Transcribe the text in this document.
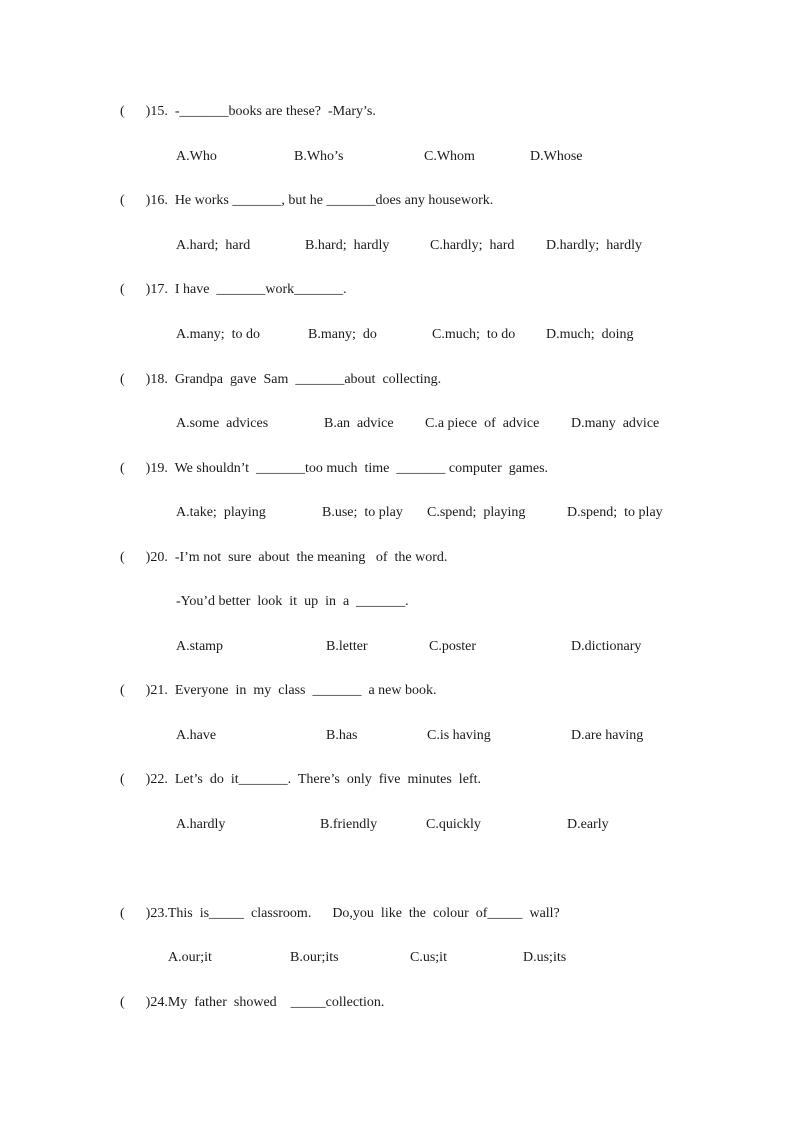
(      )15.  -_______books are these?  -Mary’s.
A.Who	B.Who’s	C.Whom	D.Whose
(      )16.  He works _______, but he _______does any housework.
A.hard;  hard	B.hard;  hardly	C.hardly;  hard D.hardly;  hardly
(      )17.  I have  _______work_______.
A.many;  to do	B.many;  do	C.much;  to do D.much;  doing
(      )18.  Grandpa  gave  Sam  _______about  collecting.
A.some  advices	B.an  advice C.a piece  of  advice D.many  advice
(      )19.  We shouldn’t  _______too much  time  _______ computer  games.
A.take;  playing	B.use;  to play C.spend;  playing	D.spend;  to play
(      )20.  -I’m not  sure  about  the meaning   of  the word.
-You’d better  look  it  up  in  a  _______.
A.stamp	B.letter	C.poster	D.dictionary
(      )21.  Everyone  in  my  class  _______  a new book.
A.have	B.has	C.is having	D.are having
(      )22.  Let’s  do  it_______.  There’s  only  five  minutes  left.
A.hardly	B.friendly	C.quickly	D.early
(      )23.This  is_____  classroom.      Do,you  like  the  colour  of_____  wall?
A.our;it	B.our;its	C.us;it	D.us;its
(      )24.My  father  showed    _____collection.
